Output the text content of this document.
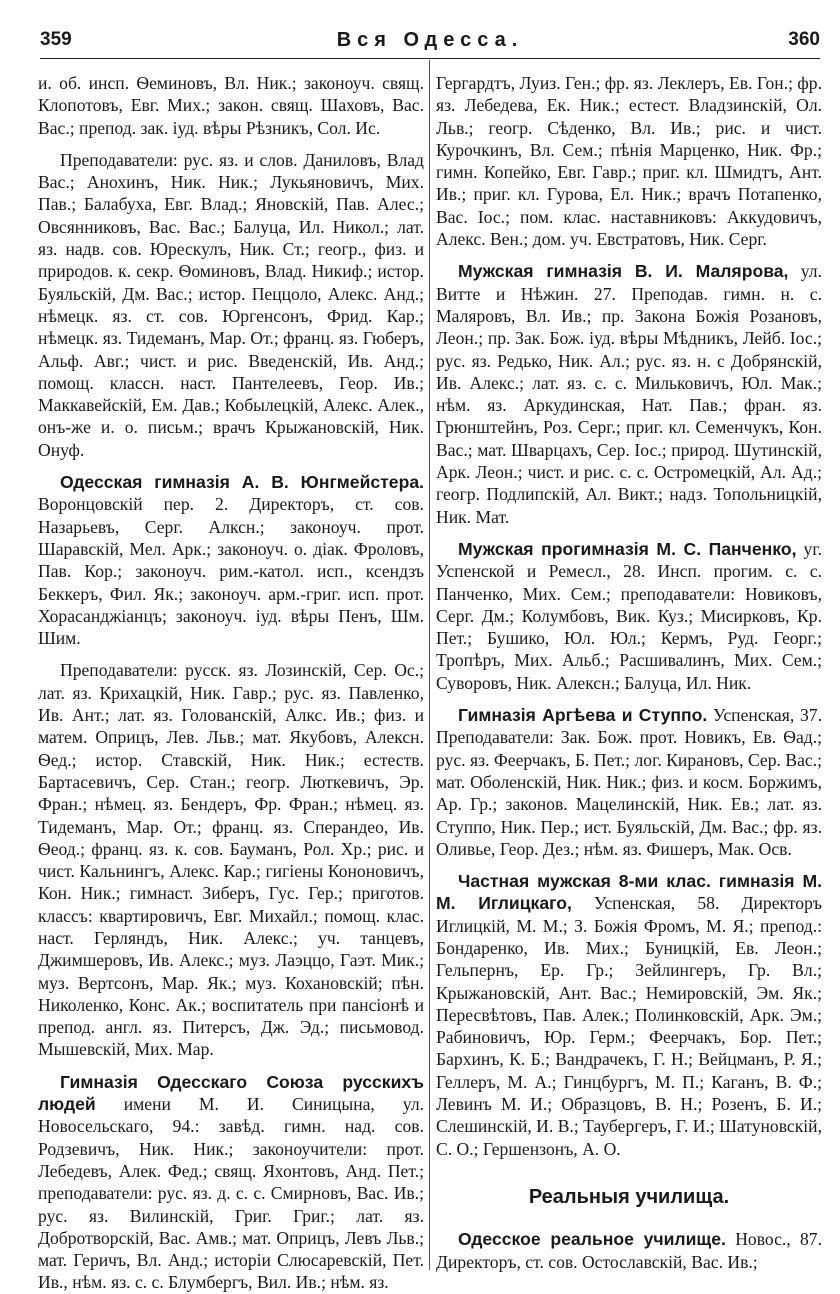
359	Вся Одесса.	360

и. об. инсп. Ѳеминовъ, Вл. Ник.; законоуч. свящ. Клопотовъ, Евг. Мих.; закон. свящ. Шаховъ, Вас. Вас.; препод. зак. iуд. вѣры Рѣзникъ, Сол. Ис.

Преподаватели: рус. яз. и слов. Даниловъ, Влад Вас.; Анохинъ, Ник. Ник.; Лукьяновичъ, Мих. Пав.; Балабуха, Евг. Влад.; Яновскiй, Пав. Алес.; Овсянниковъ, Вас. Вас.; Балуца, Ил. Никол.; лат. яз. надв. сов. Юрескулъ, Ник. Ст.; геогр., физ. и природов. к. секр. Ѳоминовъ, Влад. Никиф.; истор. Буяльскiй, Дм. Вас.; истор. Пеццоло, Алекс. Анд.; нѣмецк. яз. ст. сов. Юргенсонъ, Фрид. Кар.; нѣмецк. яз. Тидеманъ, Мар. От.; франц. яз. Гюберъ, Альф. Авг.; чист. и рис. Введенскiй, Ив. Анд.; помощ. классн. наст. Пантелеевъ, Геор. Ив.; Маккавейскiй, Ем. Дав.; Кобылецкiй, Алекс. Алек., онъ-же и. о. письм.; врачъ Крыжановскiй, Ник. Онуф.

Одесская гимназiя А. В. Юнгмейстера. Воронцовскiй пер. 2. Директоръ, ст. сов. Назарьевъ, Серг. Алксн.; законоуч. прот. Шаравскiй, Мел. Арк.; законоуч. о. дiак. Фроловъ, Пав. Кор.; законоуч. рим.-катол. исп., ксендзъ Беккеръ, Фил. Як.; законоуч. арм.-григ. исп. прот. Хорасанджiанцъ; законоуч. iуд. вѣры Пенъ, Шм. Шим.

Преподаватели: русск. яз. Лозинскiй, Сер. Ос.; лат. яз. Крихацкiй, Ник. Гавр.; рус. яз. Павленко, Ив. Ант.; лат. яз. Голованскiй, Алкс. Ив.; физ. и матем. Оприцъ, Лев. Льв.; мат. Якубовъ, Алексн. Ѳед.; истор. Ставскiй, Ник. Ник.; естеств. Бартасевичъ, Сер. Стан.; геогр. Люткевичъ, Эр. Фран.; нѣмец. яз. Бендеръ, Фр. Фран.; нѣмец. яз. Тидеманъ, Мар. От.; франц. яз. Сперандео, Ив. Ѳеод.; франц. яз. к. сов. Бауманъ, Рол. Хр.; рис. и чист. Кальнингъ, Алекс. Кар.; гигiены Кононовичъ, Кон. Ник.; гимнаст. Зиберъ, Гус. Гер.; приготов. классъ: квартировичъ, Евг. Михайл.; помощ. клас. наст. Герляндъ, Ник. Алекс.; уч. танцевъ, Джимшеровъ, Ив. Алекс.; муз. Лаэццо, Гаэт. Мик.; муз. Вертсонъ, Мар. Як.; муз. Кохановскiй; пѣн. Николенко, Конс. Ак.; воспитатель при пансiонѣ и препод. англ. яз. Питерсъ, Дж. Эд.; письмовод. Мышевскiй, Мих. Мар.

Гимназiя Одесскаго Союза русскихъ людей имени М. И. Синицына, ул. Новосельскаго, 94.: завѣд. гимн. над. сов. Родзевичъ, Ник. Ник.; законоучители: прот. Лебедевъ, Алек. Фед.; свящ. Яхонтовъ, Анд. Пет.; преподаватели: рус. яз. д. с. с. Смирновъ, Вас. Ив.; рус. яз. Вилинскiй, Григ. Григ.; лат. яз. Добротворскiй, Вас. Амв.; мат. Оприцъ, Левъ Льв.; мат. Геричъ, Вл. Анд.; исторiи Слюсаревскiй, Пет. Ив., нѣм. яз. с. с. Блумбергъ, Вил. Ив.; нѣм. яз.

Гергардтъ, Луиз. Ген.; фр. яз. Леклеръ, Ев. Гон.; фр. яз. Лебедева, Ек. Ник.; естест. Владзинскiй, Ол. Льв.; геогр. Сѣденко, Вл. Ив.; рис. и чист. Курочкинъ, Вл. Сем.; пѣнiя Марценко, Ник. Фр.; гимн. Копейко, Евг. Гавр.; приг. кл. Шмидтъ, Ант. Ив.; приг. кл. Гурова, Ел. Ник.; врачъ Потапенко, Вас. Iос.; пом. клас. наставниковъ: Аккудовичъ, Алекс. Вен.; дом. уч. Евстратовъ, Ник. Серг.

Мужская гимназiя В. И. Малярова, ул. Витте и Нѣжин. 27. Преподав. гимн. н. с. Маляровъ, Вл. Ив.; пр. Закона Божiя Розановъ, Леон.; пр. Зак. Бож. iуд. вѣры Мѣдникъ, Лейб. Iос.; рус. яз. Редько, Ник. Ал.; рус. яз. н. с Добрянскiй, Ив. Алекс.; лат. яз. с. с. Мильковичъ, Юл. Мак.; нѣм. яз. Аркудинская, Нат. Пав.; фран. яз. Грюнштейнъ, Роз. Серг.; приг. кл. Семенчукъ, Кон. Вас.; мат. Шварцахъ, Сер. Iос.; природ. Шутинскiй, Арк. Леон.; чист. и рис. с. с. Остромецкiй, Ал. Ад.; геогр. Подлипскiй, Ал. Викт.; надз. Топольницкiй, Ник. Мат.

Мужская прогимназiя М. С. Панченко, уг. Успенской и Ремесл., 28. Инсп. прогим. с. с. Панченко, Мих. Сем.; преподаватели: Новиковъ, Серг. Дм.; Колумбовъ, Вик. Куз.; Мисирковъ, Кр. Пет.; Бушико, Юл. Юл.; Кермъ, Руд. Георг.; Тропѣръ, Мих. Альб.; Расшивалинъ, Мих. Сем.; Суворовъ, Ник. Алексн.; Балуца, Ил. Ник.

Гимназiя Аргѣева и Ступпо. Успенская, 37. Преподаватели: Зак. Бож. прот. Новикъ, Ев. Ѳад.; рус. яз. Феерчакъ, Б. Пет.; лог. Кирановъ, Сер. Вас.; мат. Оболенскiй, Ник. Ник.; физ. и косм. Боржимъ, Ар. Гр.; законов. Мацелинскiй, Ник. Ев.; лат. яз. Ступпо, Ник. Пер.; ист. Буяльскiй, Дм. Вас.; фр. яз. Оливье, Геор. Дез.; нѣм. яз. Фишеръ, Мак. Осв.

Частная мужская 8-ми клас. гимназiя М. М. Иглицкаго, Успенская, 58. Директоръ Иглицкiй, М. М.; З. Божiя Фромъ, М. Я.; препод.: Бондаренко, Ив. Мих.; Буницкiй, Ев. Леон.; Гельпернъ, Ер. Гр.; Зейлингеръ, Гр. Вл.; Крыжановскiй, Ант. Вас.; Немировскiй, Эм. Як.; Пересвѣтовъ, Пав. Алек.; Полинковскiй, Арк. Эм.; Рабиновичъ, Юр. Герм.; Феерчакъ, Бор. Пет.; Бархинъ, К. Б.; Вандрачекъ, Г. Н.; Вейцманъ, Р. Я.; Геллеръ, М. А.; Гинцбургъ, М. П.; Каганъ, В. Ф.; Левинъ М. И.; Образцовъ, В. Н.; Розенъ, Б. И.; Слешинскiй, И. В.; Таубергеръ, Г. И.; Шатуновскiй, С. О.; Гершензонъ, А. О.

Реальныя училища.

Одесское реальное училище. Новос., 87. Директоръ, ст. сов. Остославскiй, Вас. Ив.;
